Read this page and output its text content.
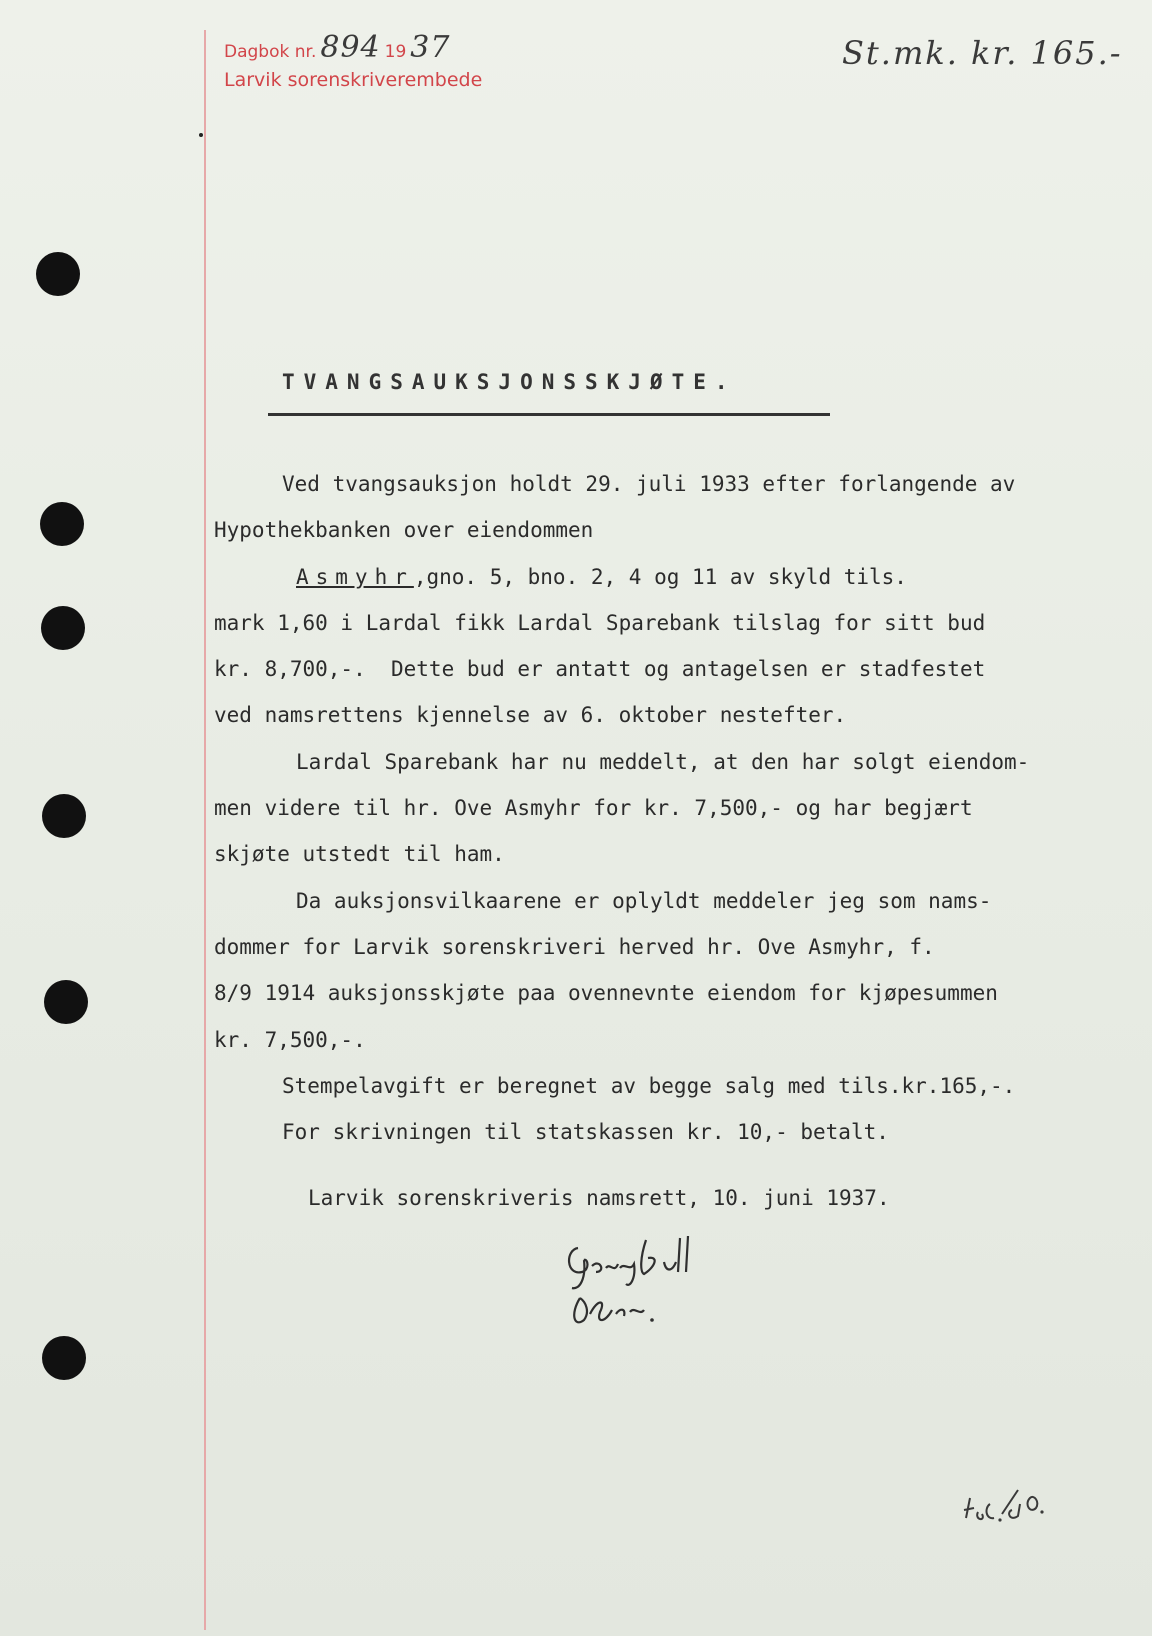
Dagbok nr. 894 19 37
Larvik sorenskriverembede
St.mk. kr. 165.-
TVANGSAUKSJONSSKJØTE.
Ved tvangsauksjon holdt 29. juli 1933 efter forlangende av
Hypothekbanken over eiendommen
Asmyhr,gno. 5, bno. 2, 4 og 11 av skyld tils.
mark 1,60 i Lardal fikk Lardal Sparebank tilslag for sitt bud
kr. 8,700,-.  Dette bud er antatt og antagelsen er stadfestet
ved namsrettens kjennelse av 6. oktober nestefter.
Lardal Sparebank har nu meddelt, at den har solgt eiendom-
men videre til hr. Ove Asmyhr for kr. 7,500,- og har begjært
skjøte utstedt til ham.
Da auksjonsvilkaarene er oplyldt meddeler jeg som nams-
dommer for Larvik sorenskriveri herved hr. Ove Asmyhr, f.
8/9 1914 auksjonsskjøte paa ovennevnte eiendom for kjøpesummen
kr. 7,500,-.
Stempelavgift er beregnet av begge salg med tils.kr.165,-.
For skrivningen til statskassen kr. 10,- betalt.
Larvik sorenskriveris namsrett, 10. juni 1937.
